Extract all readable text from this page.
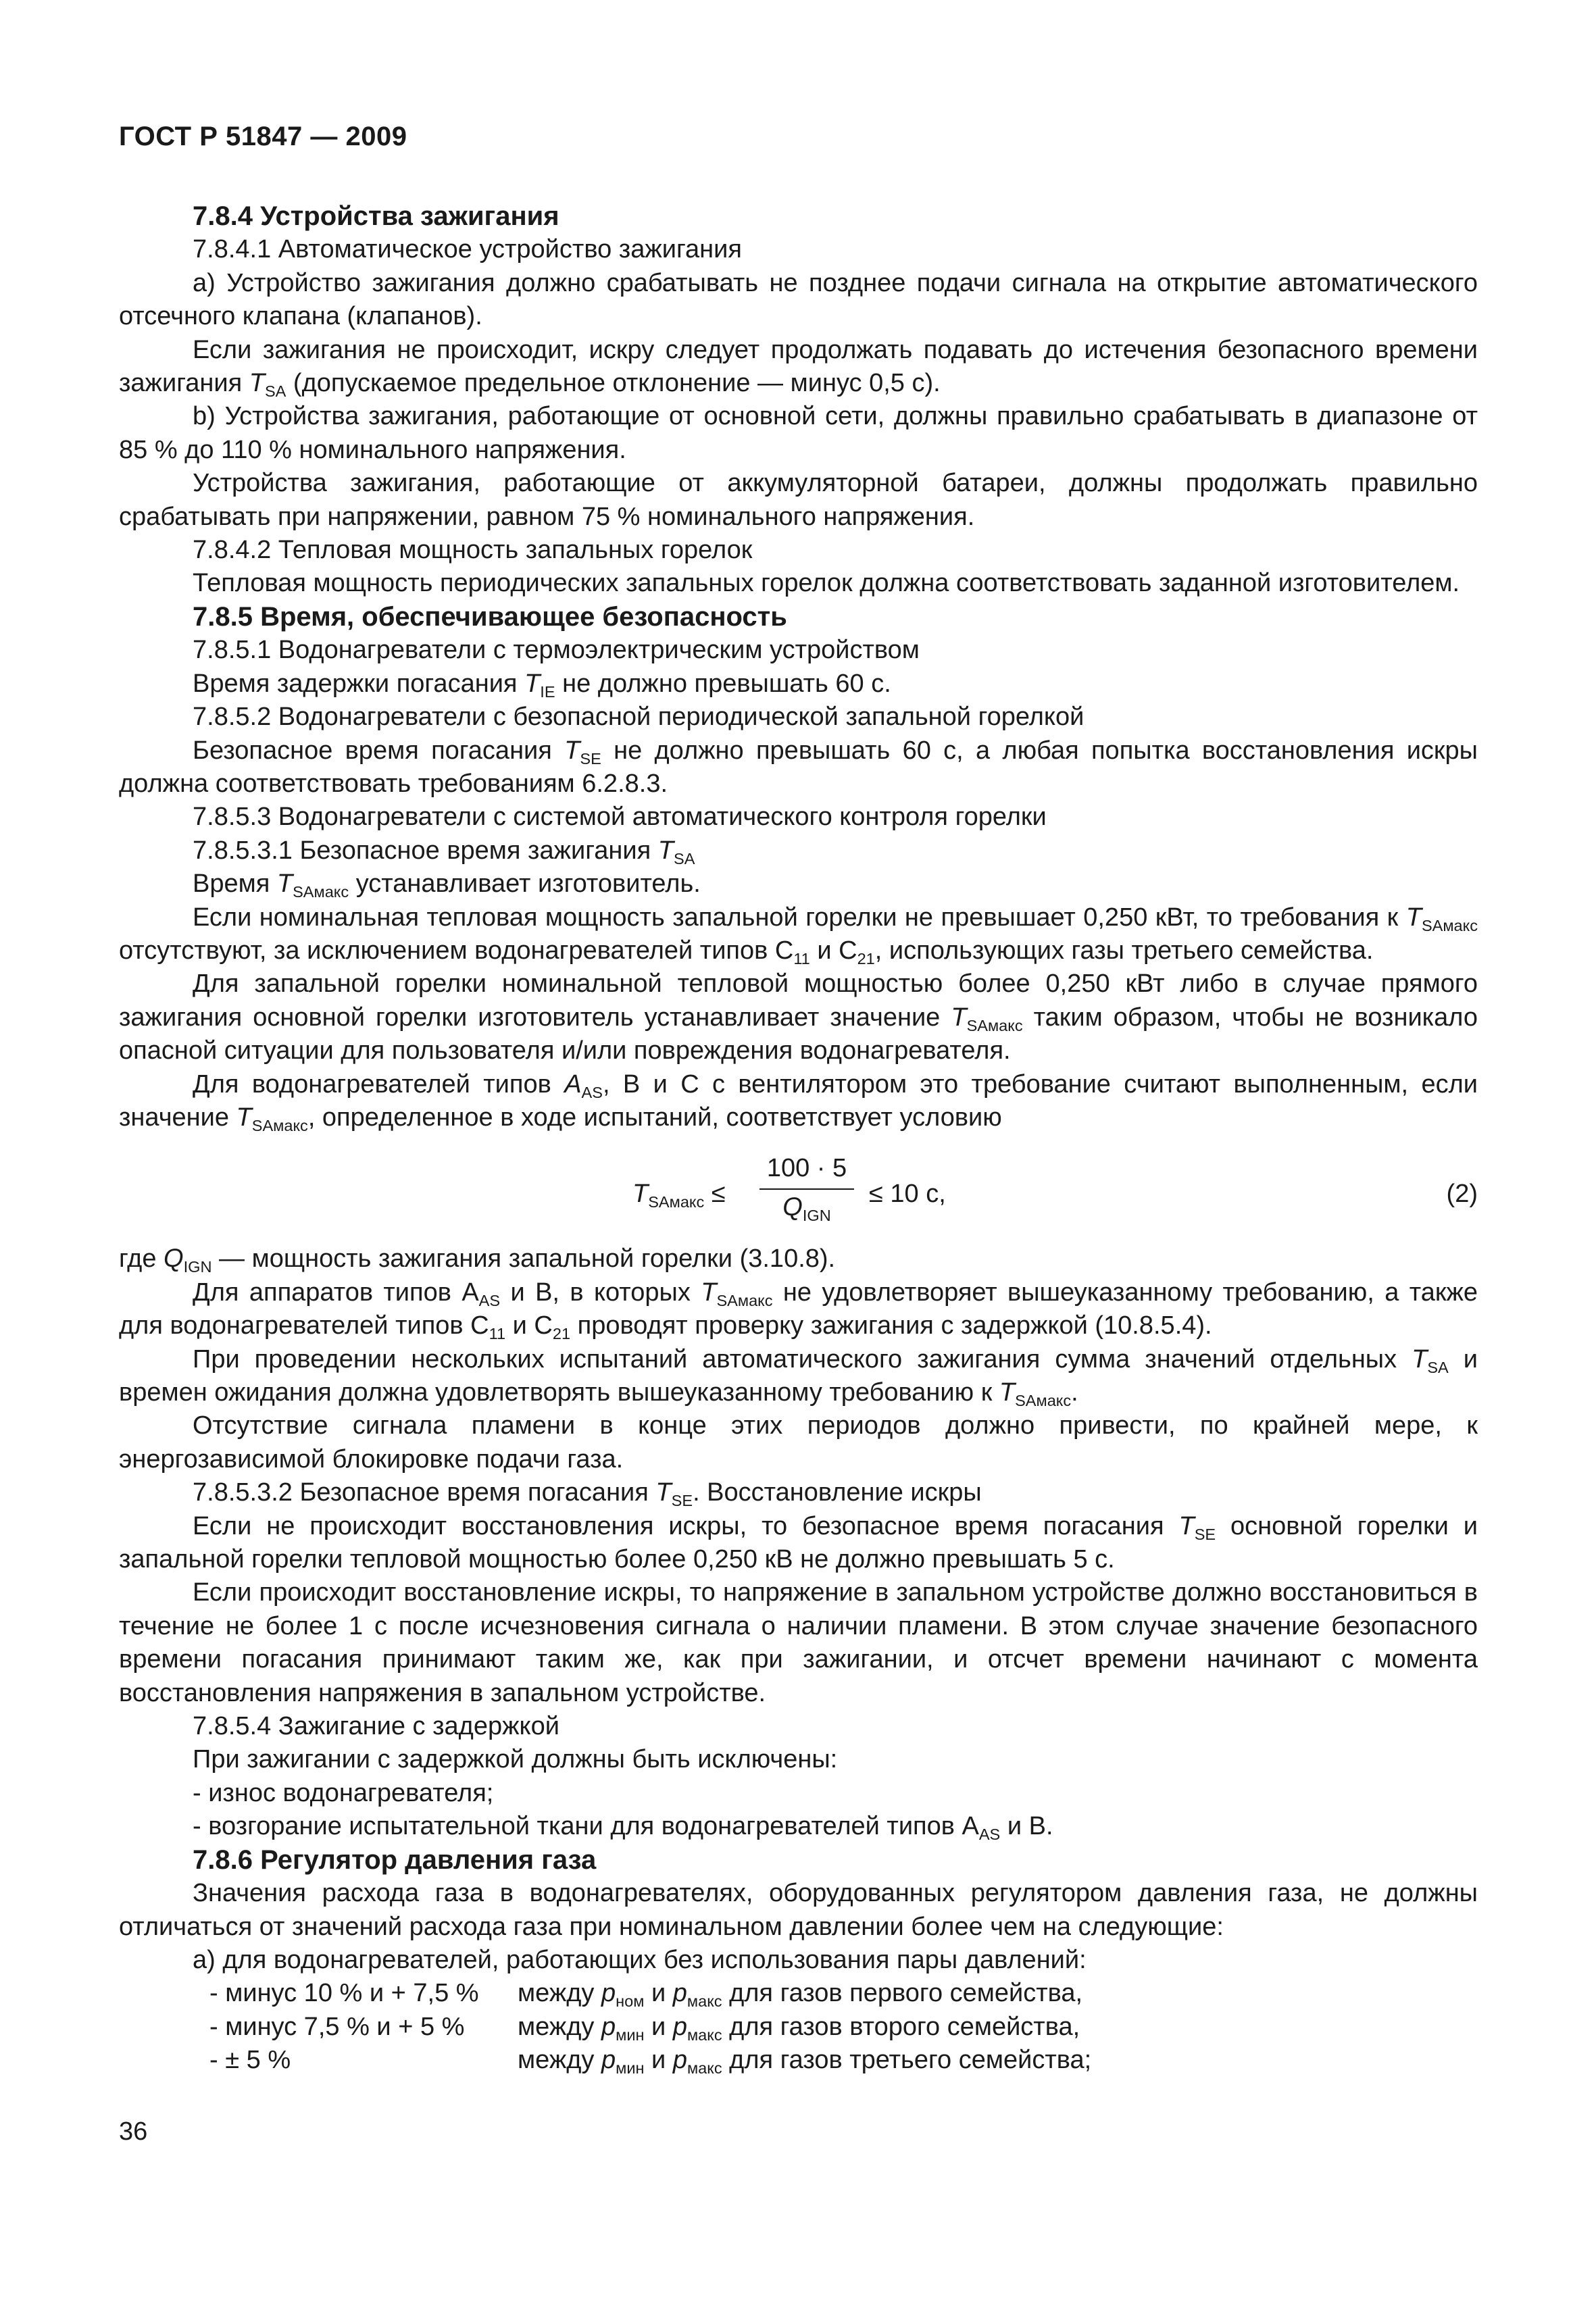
ГОСТ Р 51847 — 2009

7.8.4 Устройства зажигания

7.8.4.1 Автоматическое устройство зажигания

а) Устройство зажигания должно срабатывать не позднее подачи сигнала на открытие автоматического отсечного клапана (клапанов).

Если зажигания не происходит, искру следует продолжать подавать до истечения безопасного времени зажигания $T_{SA}$ (допускаемое предельное отклонение — минус 0,5 с).

b) Устройства зажигания, работающие от основной сети, должны правильно срабатывать в диапазоне от 85 % до 110 % номинального напряжения.

Устройства зажигания, работающие от аккумуляторной батареи, должны продолжать правильно срабатывать при напряжении, равном 75 % номинального напряжения.

7.8.4.2 Тепловая мощность запальных горелок

Тепловая мощность периодических запальных горелок должна соответствовать заданной изготовителем.

7.8.5 Время, обеспечивающее безопасность

7.8.5.1 Водонагреватели с термоэлектрическим устройством

Время задержки погасания $T_{IE}$ не должно превышать 60 с.

7.8.5.2 Водонагреватели с безопасной периодической запальной горелкой

Безопасное время погасания $T_{SE}$ не должно превышать 60 с, а любая попытка восстановления искры должна соответствовать требованиям 6.2.8.3.

7.8.5.3 Водонагреватели с системой автоматического контроля горелки

7.8.5.3.1 Безопасное время зажигания $T_{SA}$

Время $T_{SAмакс}$ устанавливает изготовитель.

Если номинальная тепловая мощность запальной горелки не превышает 0,250 кВт, то требования к $T_{SAмакс}$ отсутствуют, за исключением водонагревателей типов $С_{11}$ и $С_{21}$, использующих газы третьего семейства.

Для запальной горелки номинальной тепловой мощностью более 0,250 кВт либо в случае прямого зажигания основной горелки изготовитель устанавливает значение $T_{SAмакс}$ таким образом, чтобы не возникало опасной ситуации для пользователя и/или повреждения водонагревателя.

Для водонагревателей типов $A_{AS}$, В и С с вентилятором это требование считают выполненным, если значение $T_{SAмакс}$, определенное в ходе испытаний, соответствует условию

$T_{SAмакс}$ ≤
100 · 5
$Q_{IGN}$
≤ 10 с,	(2)

где $Q_{IGN}$ — мощность зажигания запальной горелки (3.10.8).

Для аппаратов типов $А_{AS}$ и В, в которых $T_{SAмакс}$ не удовлетворяет вышеуказанному требованию, а также для водонагревателей типов $С_{11}$ и $С_{21}$ проводят проверку зажигания с задержкой (10.8.5.4).

При проведении нескольких испытаний автоматического зажигания сумма значений отдельных $T_{SA}$ и времен ожидания должна удовлетворять вышеуказанному требованию к $T_{SAмакс}$.

Отсутствие сигнала пламени в конце этих периодов должно привести, по крайней мере, к энергозависимой блокировке подачи газа.

7.8.5.3.2 Безопасное время погасания $T_{SE}$. Восстановление искры

Если не происходит восстановления искры, то безопасное время погасания $T_{SE}$ основной горелки и запальной горелки тепловой мощностью более 0,250 кВ не должно превышать 5 с.

Если происходит восстановление искры, то напряжение в запальном устройстве должно восстановиться в течение не более 1 с после исчезновения сигнала о наличии пламени. В этом случае значение безопасного времени погасания принимают таким же, как при зажигании, и отсчет времени начинают с момента восстановления напряжения в запальном устройстве.

7.8.5.4 Зажигание с задержкой

При зажигании с задержкой должны быть исключены:

- износ водонагревателя;

- возгорание испытательной ткани для водонагревателей типов $А_{AS}$ и В.

7.8.6 Регулятор давления газа

Значения расхода газа в водонагревателях, оборудованных регулятором давления газа, не должны отличаться от значений расхода газа при номинальном давлении более чем на следующие:

а) для водонагревателей, работающих без использования пары давлений:

- минус 10 % и + 7,5 %	между $p_{ном}$ и $p_{макс}$ для газов первого семейства,
- минус 7,5 % и + 5 %	между $p_{мин}$ и $p_{макс}$ для газов второго семейства,
- ± 5 %	между $p_{мин}$ и $p_{макс}$ для газов третьего семейства;
36
